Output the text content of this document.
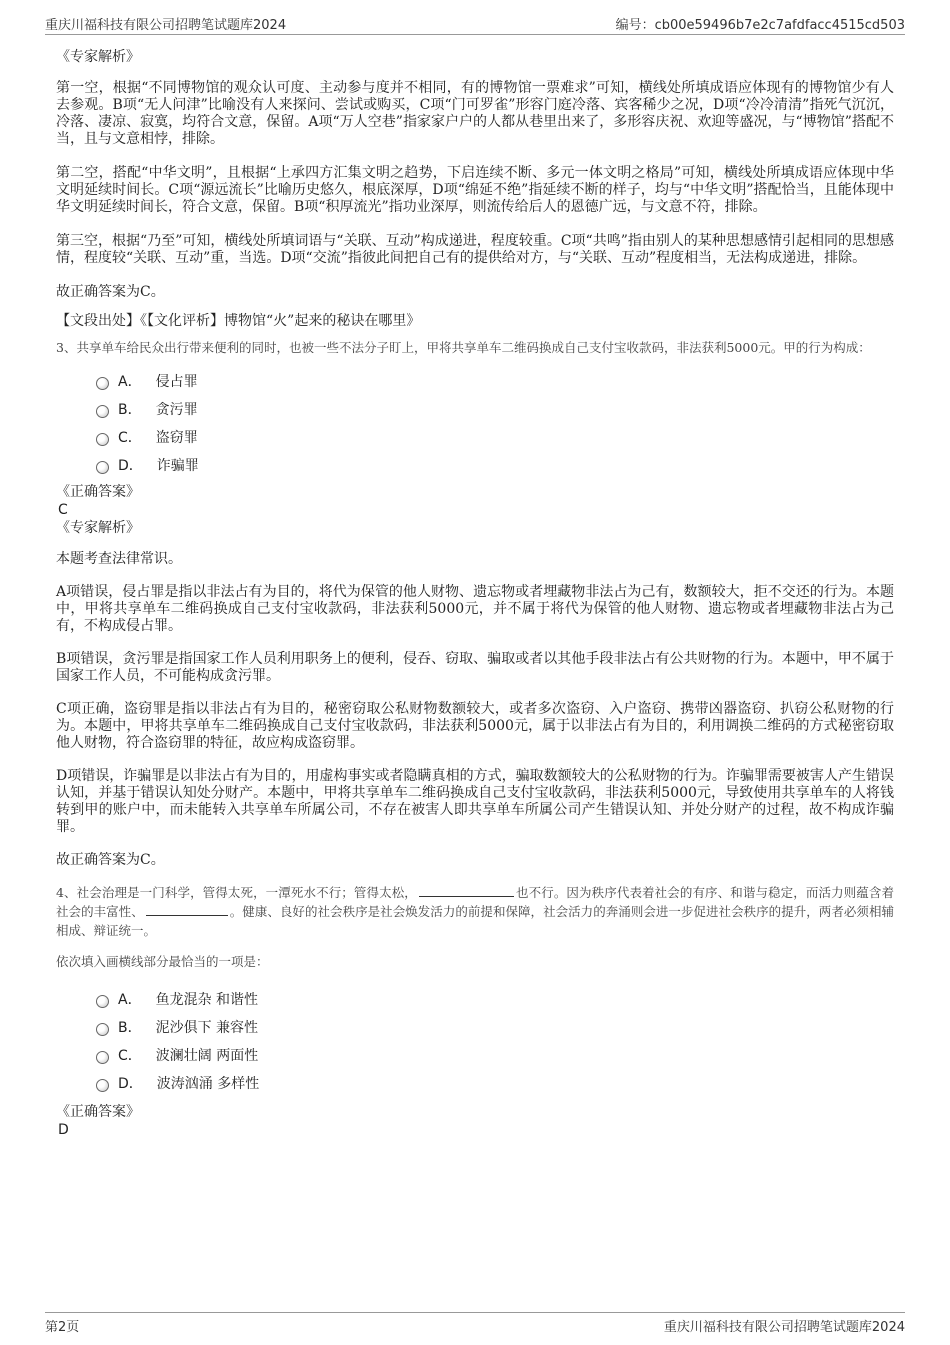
重庆川福科技有限公司招聘笔试题库2024	编号：cb00e59496b7e2c7afdfacc4515cd503

《专家解析》

第一空，根据“不同博物馆的观众认可度、主动参与度并不相同，有的博物馆一票难求”可知，横线处所填成语应体现有的博物馆少有人去参观。B项“无人问津”比喻没有人来探问、尝试或购买，C项“门可罗雀”形容门庭冷落、宾客稀少之况，D项“冷冷清清”指死气沉沉，冷落、凄凉、寂寞，均符合文意，保留。A项“万人空巷”指家家户户的人都从巷里出来了，多形容庆祝、欢迎等盛况，与“博物馆”搭配不当，且与文意相悖，排除。

第二空，搭配“中华文明”，且根据“上承四方汇集文明之趋势，下启连续不断、多元一体文明之格局”可知，横线处所填成语应体现中华文明延续时间长。C项“源远流长”比喻历史悠久，根底深厚，D项“绵延不绝”指延续不断的样子，均与“中华文明”搭配恰当，且能体现中华文明延续时间长，符合文意，保留。B项“积厚流光”指功业深厚，则流传给后人的恩德广远，与文意不符，排除。

第三空，根据“乃至”可知，横线处所填词语与“关联、互动”构成递进，程度较重。C项“共鸣”指由别人的某种思想感情引起相同的思想感情，程度较“关联、互动”重，当选。D项“交流”指彼此间把自己有的提供给对方，与“关联、互动”程度相当，无法构成递进，排除。

故正确答案为C。

【文段出处】《【文化评析】博物馆“火”起来的秘诀在哪里》

3、共享单车给民众出行带来便利的同时，也被一些不法分子盯上，甲将共享单车二维码换成自己支付宝收款码，非法获利5000元。甲的行为构成：

A． 侵占罪
B． 贪污罪
C． 盗窃罪
D． 诈骗罪

《正确答案》

C

《专家解析》

本题考查法律常识。

A项错误，侵占罪是指以非法占有为目的，将代为保管的他人财物、遗忘物或者埋藏物非法占为己有，数额较大，拒不交还的行为。本题中，甲将共享单车二维码换成自己支付宝收款码，非法获利5000元，并不属于将代为保管的他人财物、遗忘物或者埋藏物非法占为己有，不构成侵占罪。

B项错误，贪污罪是指国家工作人员利用职务上的便利，侵吞、窃取、骗取或者以其他手段非法占有公共财物的行为。本题中，甲不属于国家工作人员，不可能构成贪污罪。

C项正确，盗窃罪是指以非法占有为目的，秘密窃取公私财物数额较大，或者多次盗窃、入户盗窃、携带凶器盗窃、扒窃公私财物的行为。本题中，甲将共享单车二维码换成自己支付宝收款码，非法获利5000元，属于以非法占有为目的，利用调换二维码的方式秘密窃取他人财物，符合盗窃罪的特征，故应构成盗窃罪。

D项错误，诈骗罪是以非法占有为目的，用虚构事实或者隐瞒真相的方式，骗取数额较大的公私财物的行为。诈骗罪需要被害人产生错误认知，并基于错误认知处分财产。本题中，甲将共享单车二维码换成自己支付宝收款码，非法获利5000元，导致使用共享单车的人将钱转到甲的账户中，而未能转入共享单车所属公司，不存在被害人即共享单车所属公司产生错误认知、并处分财产的过程，故不构成诈骗罪。

故正确答案为C。

4、社会治理是一门科学，管得太死，一潭死水不行；管得太松，	也不行。因为秩序代表着社会的有序、和谐与稳定，而活力则蕴含着社会的丰富性、	。健康、良好的社会秩序是社会焕发活力的前提和保障，社会活力的奔涌则会进一步促进社会秩序的提升，两者必须相辅相成、辩证统一。

依次填入画横线部分最恰当的一项是：

A． 鱼龙混杂 和谐性
B． 泥沙俱下 兼容性
C． 波澜壮阔 两面性
D． 波涛汹涌 多样性

《正确答案》

D

第2页	重庆川福科技有限公司招聘笔试题库2024
